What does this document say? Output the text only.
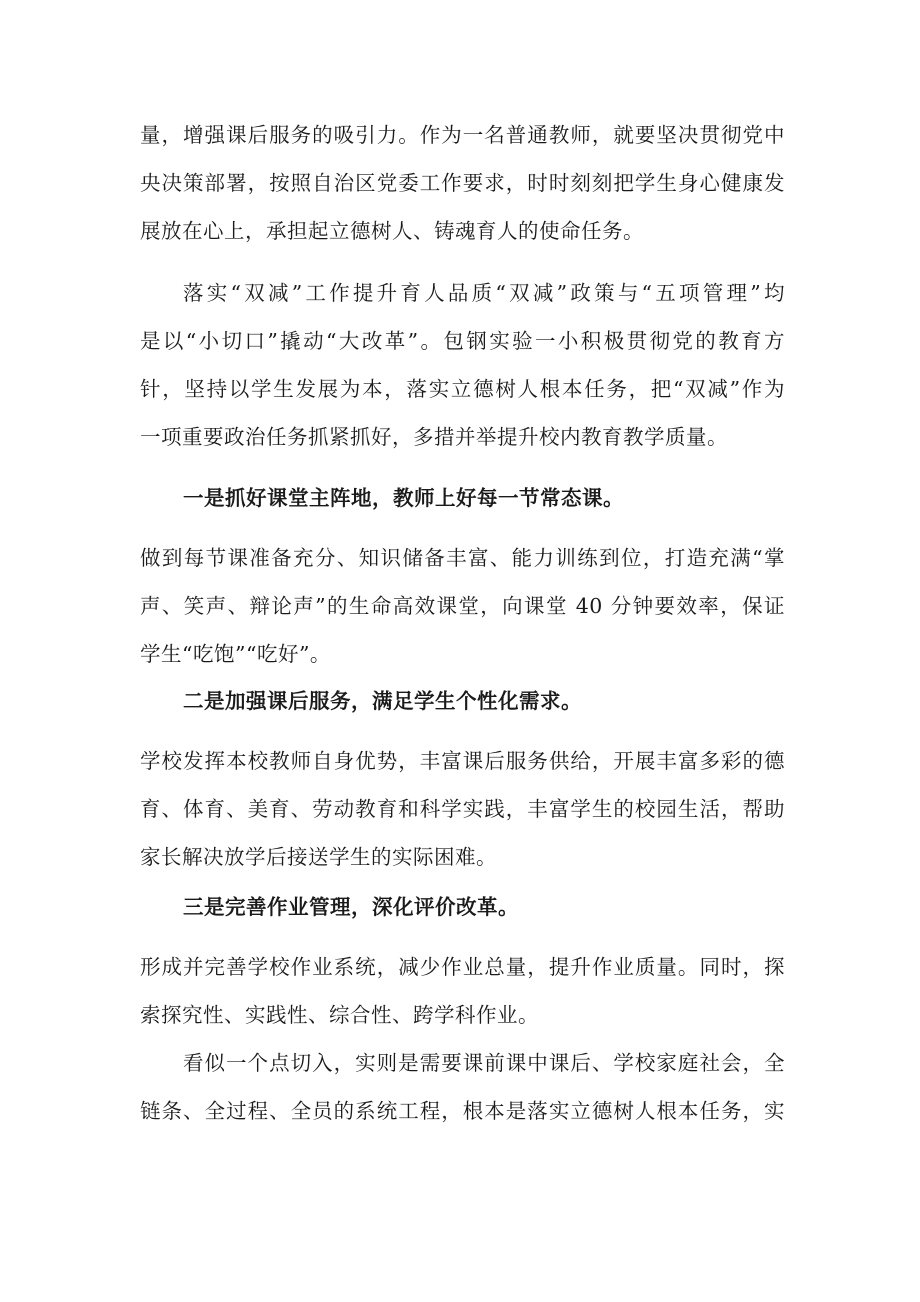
量，增强课后服务的吸引力。作为一名普通教师，就要坚决贯彻党中
央决策部署，按照自治区党委工作要求，时时刻刻把学生身心健康发
展放在心上，承担起立德树人、铸魂育人的使命任务。
落实“双减”工作提升育人品质“双减”政策与“五项管理”均
是以“小切口”撬动“大改革”。包钢实验一小积极贯彻党的教育方
针，坚持以学生发展为本，落实立德树人根本任务，把“双减”作为
一项重要政治任务抓紧抓好，多措并举提升校内教育教学质量。
一是抓好课堂主阵地，教师上好每一节常态课。
做到每节课准备充分、知识储备丰富、能力训练到位，打造充满“掌
声、笑声、辩论声”的生命高效课堂，向课堂 40 分钟要效率，保证
学生“吃饱”“吃好”。
二是加强课后服务，满足学生个性化需求。
学校发挥本校教师自身优势，丰富课后服务供给，开展丰富多彩的德
育、体育、美育、劳动教育和科学实践，丰富学生的校园生活，帮助
家长解决放学后接送学生的实际困难。
三是完善作业管理，深化评价改革。
形成并完善学校作业系统，减少作业总量，提升作业质量。同时，探
索探究性、实践性、综合性、跨学科作业。
看似一个点切入，实则是需要课前课中课后、学校家庭社会，全
链条、全过程、全员的系统工程，根本是落实立德树人根本任务，实
